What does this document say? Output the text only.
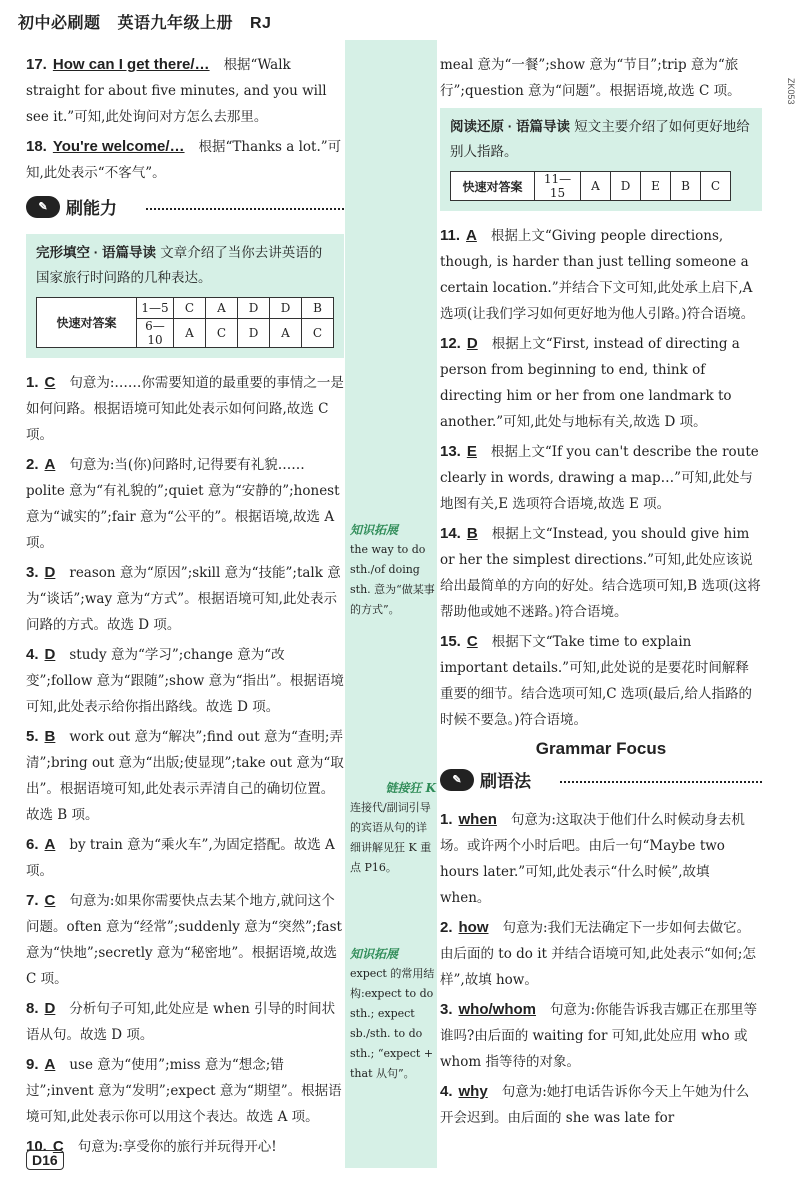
初中必刷题 英语九年级上册 RJ
ZK053
17. How can I get there/… 根据“Walk straight for about five minutes, and you will see it.”可知,此处询问对方怎么去那里。
18. You're welcome/… 根据“Thanks a lot.”可知,此处表示“不客气”。
✎	刷能力
完形填空 · 语篇导读 文章介绍了当你去讲英语的国家旅行时问路的几种表达。
快速对答案	1—5	C	A	D	D	B
	6—10	A	C	D	A	C
1. C 句意为:……你需要知道的最重要的事情之一是如何问路。根据语境可知此处表示如何问路,故选 C 项。
2. A 句意为:当(你)问路时,记得要有礼貌…… polite 意为“有礼貌的”;quiet 意为“安静的”;honest 意为“诚实的”;fair 意为“公平的”。根据语境,故选 A 项。
3. D reason 意为“原因”;skill 意为“技能”;talk 意为“谈话”;way 意为“方式”。根据语境可知,此处表示问路的方式。故选 D 项。
4. D study 意为“学习”;change 意为“改变”;follow 意为“跟随”;show 意为“指出”。根据语境可知,此处表示给你指出路线。故选 D 项。
5. B work out 意为“解决”;find out 意为“查明;弄清”;bring out 意为“出版;使显现”;take out 意为“取出”。根据语境可知,此处表示弄清自己的确切位置。故选 B 项。
6. A by train 意为“乘火车”,为固定搭配。故选 A 项。
7. C 句意为:如果你需要快点去某个地方,就问这个问题。often 意为“经常”;suddenly 意为“突然”;fast 意为“快地”;secretly 意为“秘密地”。根据语境,故选 C 项。
8. D 分析句子可知,此处应是 when 引导的时间状语从句。故选 D 项。
9. A use 意为“使用”;miss 意为“想念;错过”;invent 意为“发明”;expect 意为“期望”。根据语境可知,此处表示你可以用这个表达。故选 A 项。
10. C 句意为:享受你的旅行并玩得开心!
知识拓展
the way to do sth./of doing sth. 意为“做某事的方式”。
链接狂 K
连接代/副词引导的宾语从句的详细讲解见狂 K 重点 P16。
知识拓展
expect 的常用结构:expect to do sth.; expect sb./sth. to do sth.; “expect + that 从句”。
meal 意为“一餐”;show 意为“节目”;trip 意为“旅行”;question 意为“问题”。根据语境,故选 C 项。
阅读还原 · 语篇导读 短文主要介绍了如何更好地给别人指路。
快速对答案	11—15	A	D	E	B	C
11. A 根据上文“Giving people directions, though, is harder than just telling someone a certain location.”并结合下文可知,此处承上启下,A 选项(让我们学习如何更好地为他人引路。)符合语境。
12. D 根据上文“First, instead of directing a person from beginning to end, think of directing him or her from one landmark to another.”可知,此处与地标有关,故选 D 项。
13. E 根据上文“If you can't describe the route clearly in words, drawing a map…”可知,此处与地图有关,E 选项符合语境,故选 E 项。
14. B 根据上文“Instead, you should give him or her the simplest directions.”可知,此处应该说给出最简单的方向的好处。结合选项可知,B 选项(这将帮助他或她不迷路。)符合语境。
15. C 根据下文“Take time to explain important details.”可知,此处说的是要花时间解释重要的细节。结合选项可知,C 选项(最后,给人指路的时候不要急。)符合语境。
Grammar Focus
✎	刷语法
1. when 句意为:这取决于他们什么时候动身去机场。或许两个小时后吧。由后一句“Maybe two hours later.”可知,此处表示“什么时候”,故填 when。
2. how 句意为:我们无法确定下一步如何去做它。由后面的 to do it 并结合语境可知,此处表示“如何;怎样”,故填 how。
3. who/whom 句意为:你能告诉我吉娜正在那里等谁吗?由后面的 waiting for 可知,此处应用 who 或 whom 指等待的对象。
4. why 句意为:她打电话告诉你今天上午她为什么开会迟到。由后面的 she was late for
D16
